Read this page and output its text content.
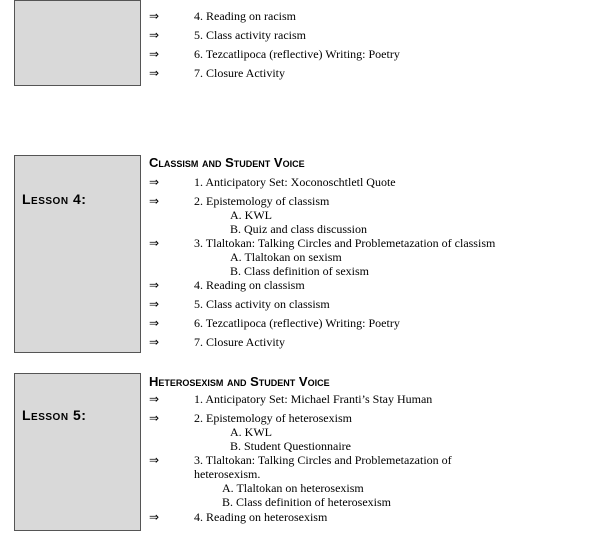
⇒	4. Reading on racism
⇒	5. Class activity racism
⇒	6. Tezcatlipoca (reflective) Writing: Poetry
⇒	7. Closure Activity
Lesson 4:
Classism and Student Voice
⇒	1. Anticipatory Set: Xoconoschtletl Quote
⇒	2. Epistemology of classism
A. KWL
B. Quiz and class discussion
⇒	3. Tlaltokan: Talking Circles and Problemetazation of classism
A. Tlaltokan on sexism
B. Class definition of sexism
⇒	4. Reading on classism
⇒	5. Class activity on classism
⇒	6. Tezcatlipoca (reflective) Writing: Poetry
⇒	7. Closure Activity
Lesson 5:
Heterosexism and Student Voice
⇒	1. Anticipatory Set: Michael Franti’s Stay Human
⇒	2. Epistemology of heterosexism
A. KWL
B. Student Questionnaire
⇒	3. Tlaltokan: Talking Circles and Problemetazation of
heterosexism.
A. Tlaltokan on heterosexism
B. Class definition of heterosexism
⇒	4. Reading on heterosexism
